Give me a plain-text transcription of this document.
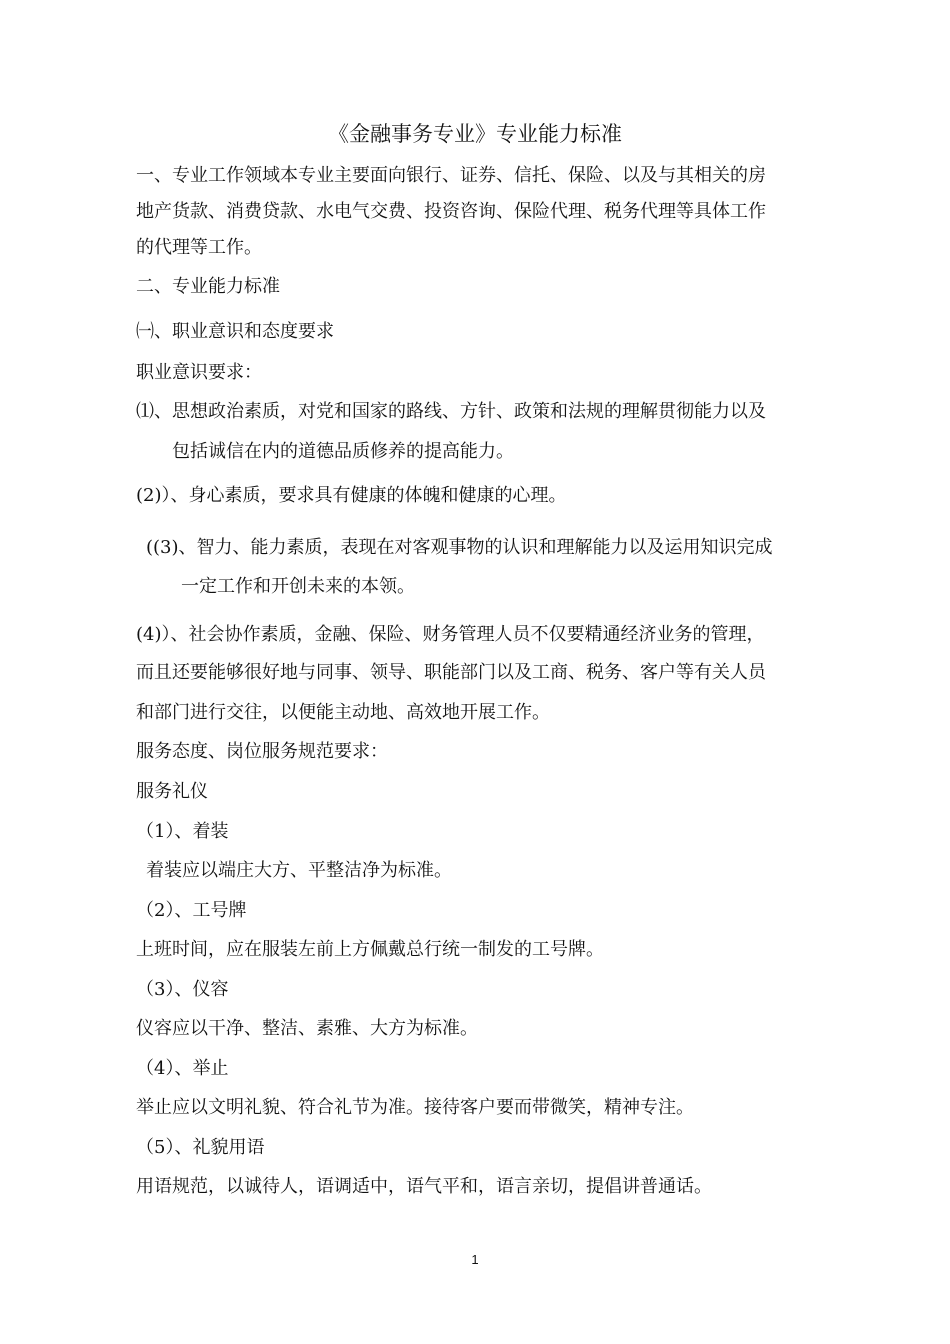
《金融事务专业》专业能力标准
一、专业工作领域本专业主要面向银行、证券、信托、保险、以及与其相关的房
地产货款、消费贷款、水电气交费、投资咨询、保险代理、税务代理等具体工作
的代理等工作。
二、专业能力标准
㈠、职业意识和态度要求
职业意识要求：
⑴、思想政治素质，对党和国家的路线、方针、政策和法规的理解贯彻能力以及
包括诚信在内的道德品质修养的提高能力。
(2)）、身心素质，要求具有健康的体魄和健康的心理。
((3)、智力、能力素质，表现在对客观事物的认识和理解能力以及运用知识完成
一定工作和开创未来的本领。
(4)）、社会协作素质，金融、保险、财务管理人员不仅要精通经济业务的管理，
而且还要能够很好地与同事、领导、职能部门以及工商、税务、客户等有关人员
和部门进行交往，以便能主动地、高效地开展工作。
服务态度、岗位服务规范要求：
服务礼仪
（1）、着装
着装应以端庄大方、平整洁净为标准。
（2）、工号牌
上班时间，应在服装左前上方佩戴总行统一制发的工号牌。
（3）、仪容
仪容应以干净、整洁、素雅、大方为标准。
（4）、举止
举止应以文明礼貌、符合礼节为准。接待客户要而带微笑，精神专注。
（5）、礼貌用语
用语规范，以诚待人，语调适中，语气平和，语言亲切，提倡讲普通话。
1
